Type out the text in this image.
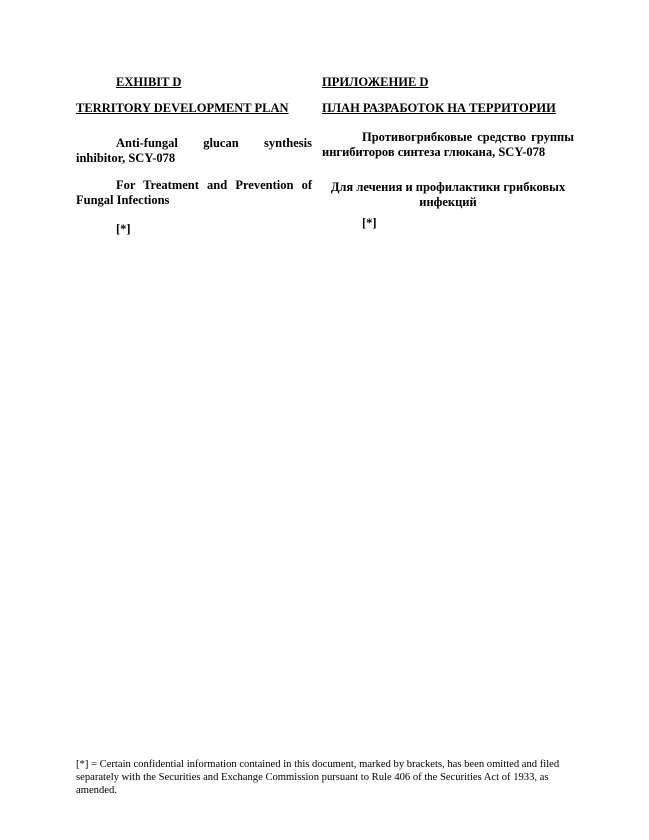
EXHIBIT D
TERRITORY DEVELOPMENT PLAN

Anti-fungal glucan synthesis inhibitor, SCY-078

For Treatment and Prevention of Fungal Infections

[*]
ПРИЛОЖЕНИЕ D
ПЛАН РАЗРАБОТОК НА ТЕРРИТОРИИ

Противогрибковые средство группы ингибиторов синтеза глюкана, SCY-078

Для лечения и профилактики грибковых инфекций

[*]

[*] = Certain confidential information contained in this document, marked by brackets, has been omitted and filed separately with the Securities and Exchange Commission pursuant to Rule 406 of the Securities Act of 1933, as amended.
